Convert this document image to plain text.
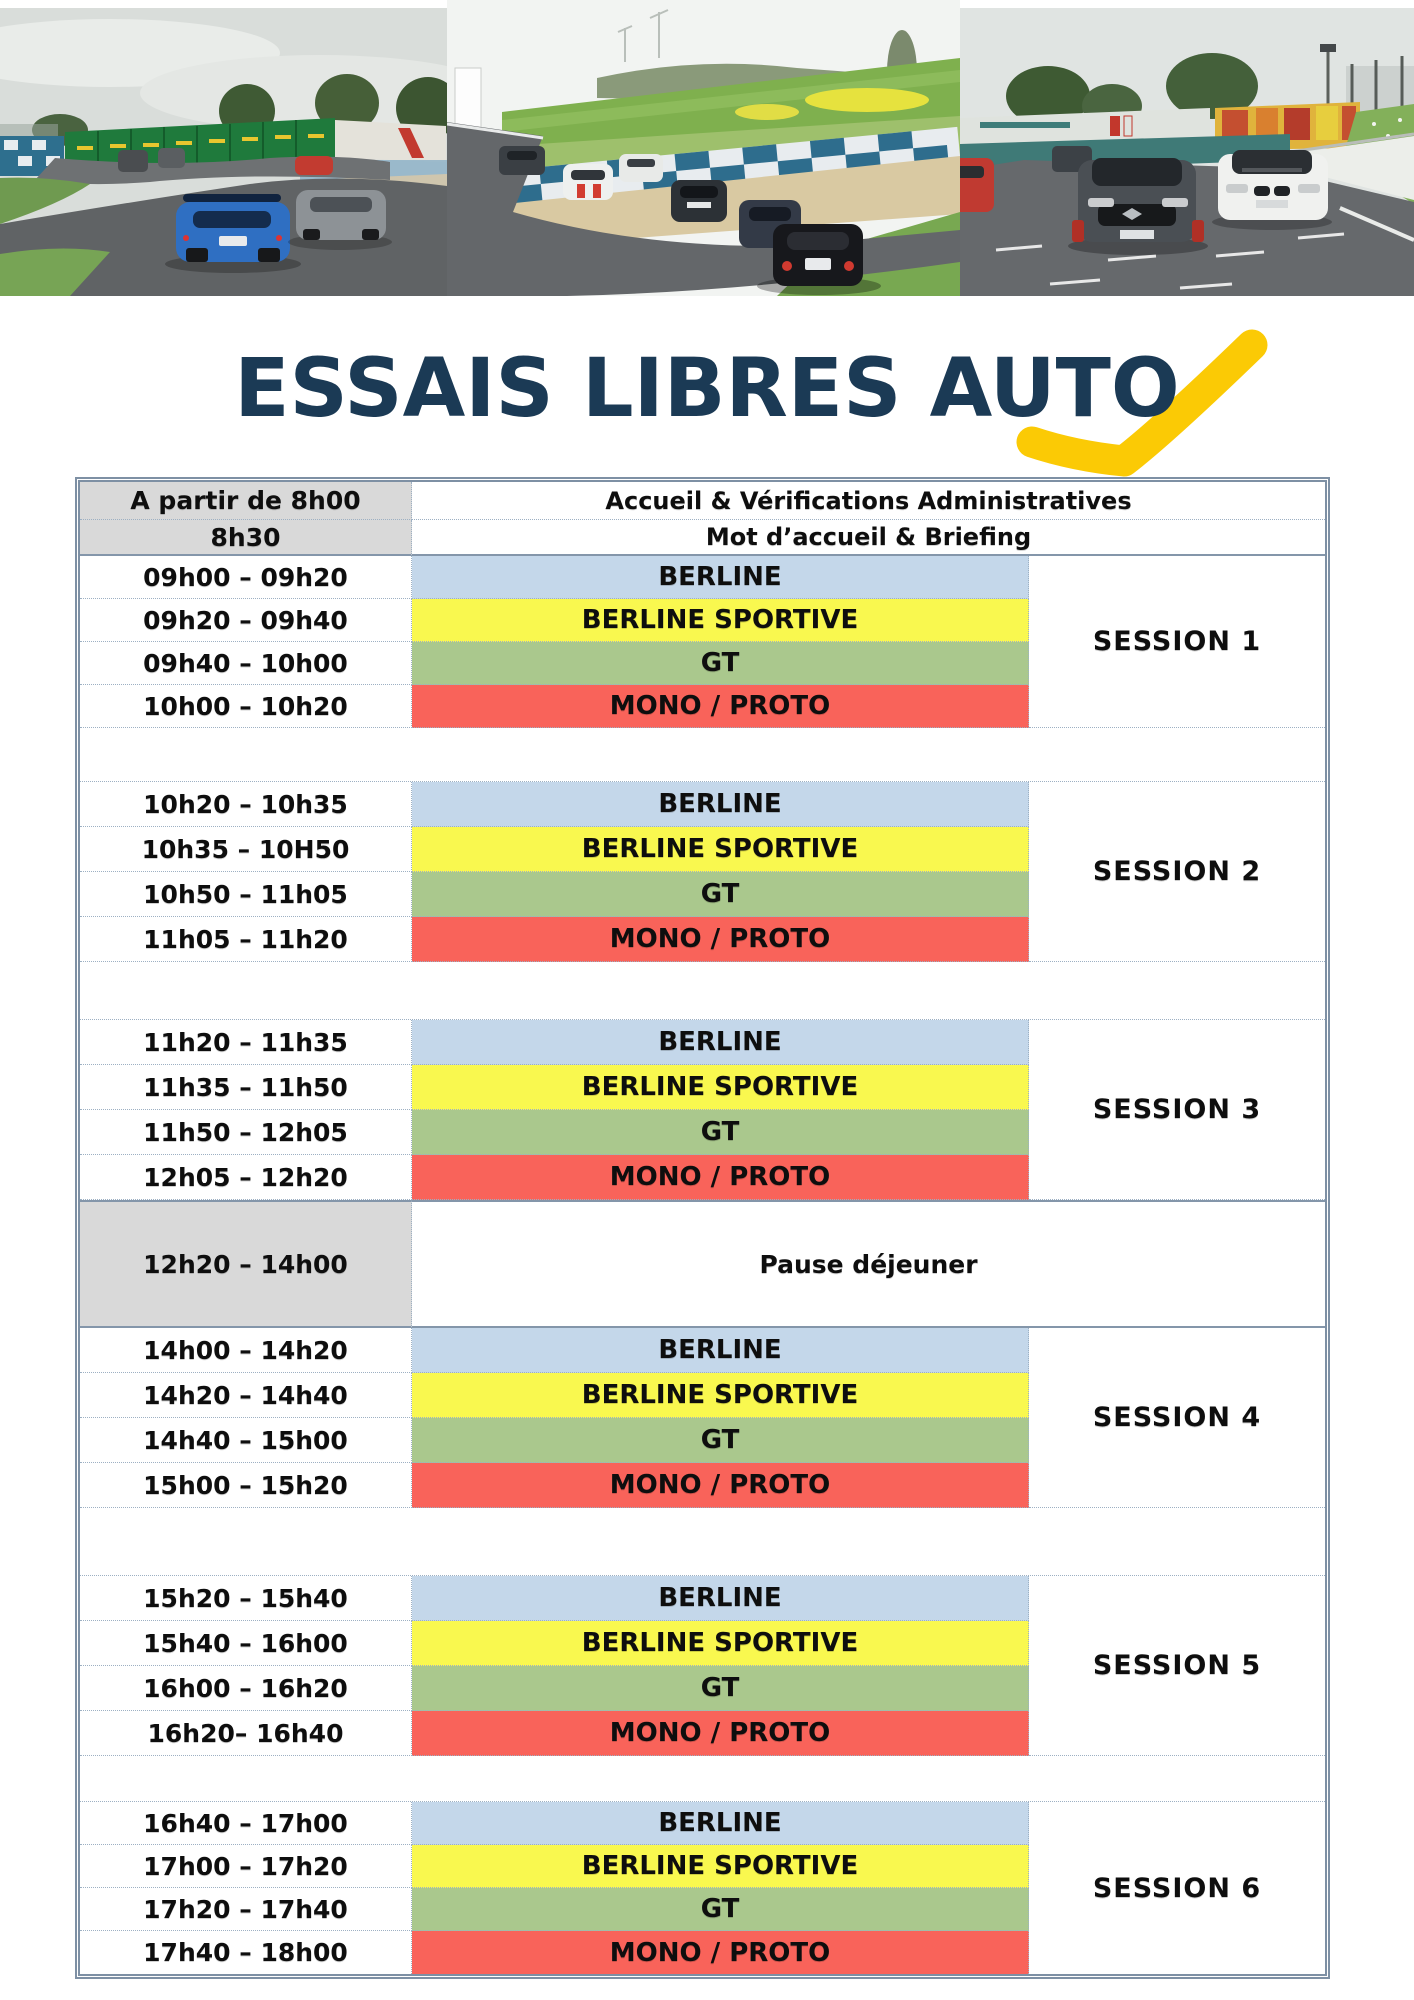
ESSAIS LIBRES AUTO
A partir de 8h00	Accueil & Vérifications Administratives
8h30	Mot d’accueil & Briefing
09h00 – 09h20	BERLINE
SESSION 1
09h20 – 09h40	BERLINE SPORTIVE
09h40 – 10h00	GT
10h00 – 10h20	MONO / PROTO
10h20 – 10h35	BERLINE
SESSION 2
10h35 – 10H50	BERLINE SPORTIVE
10h50 – 11h05	GT
11h05 – 11h20	MONO / PROTO
11h20 – 11h35	BERLINE
SESSION 3
11h35 – 11h50	BERLINE SPORTIVE
11h50 – 12h05	GT
12h05 – 12h20	MONO / PROTO
12h20 – 14h00	Pause déjeuner
14h00 – 14h20	BERLINE
SESSION 4
14h20 – 14h40	BERLINE SPORTIVE
14h40 – 15h00	GT
15h00 – 15h20	MONO / PROTO
15h20 – 15h40	BERLINE
SESSION 5
15h40 – 16h00	BERLINE SPORTIVE
16h00 – 16h20	GT
16h20– 16h40	MONO / PROTO
16h40 – 17h00	BERLINE
SESSION 6
17h00 – 17h20	BERLINE SPORTIVE
17h20 – 17h40	GT
17h40 – 18h00	MONO / PROTO
